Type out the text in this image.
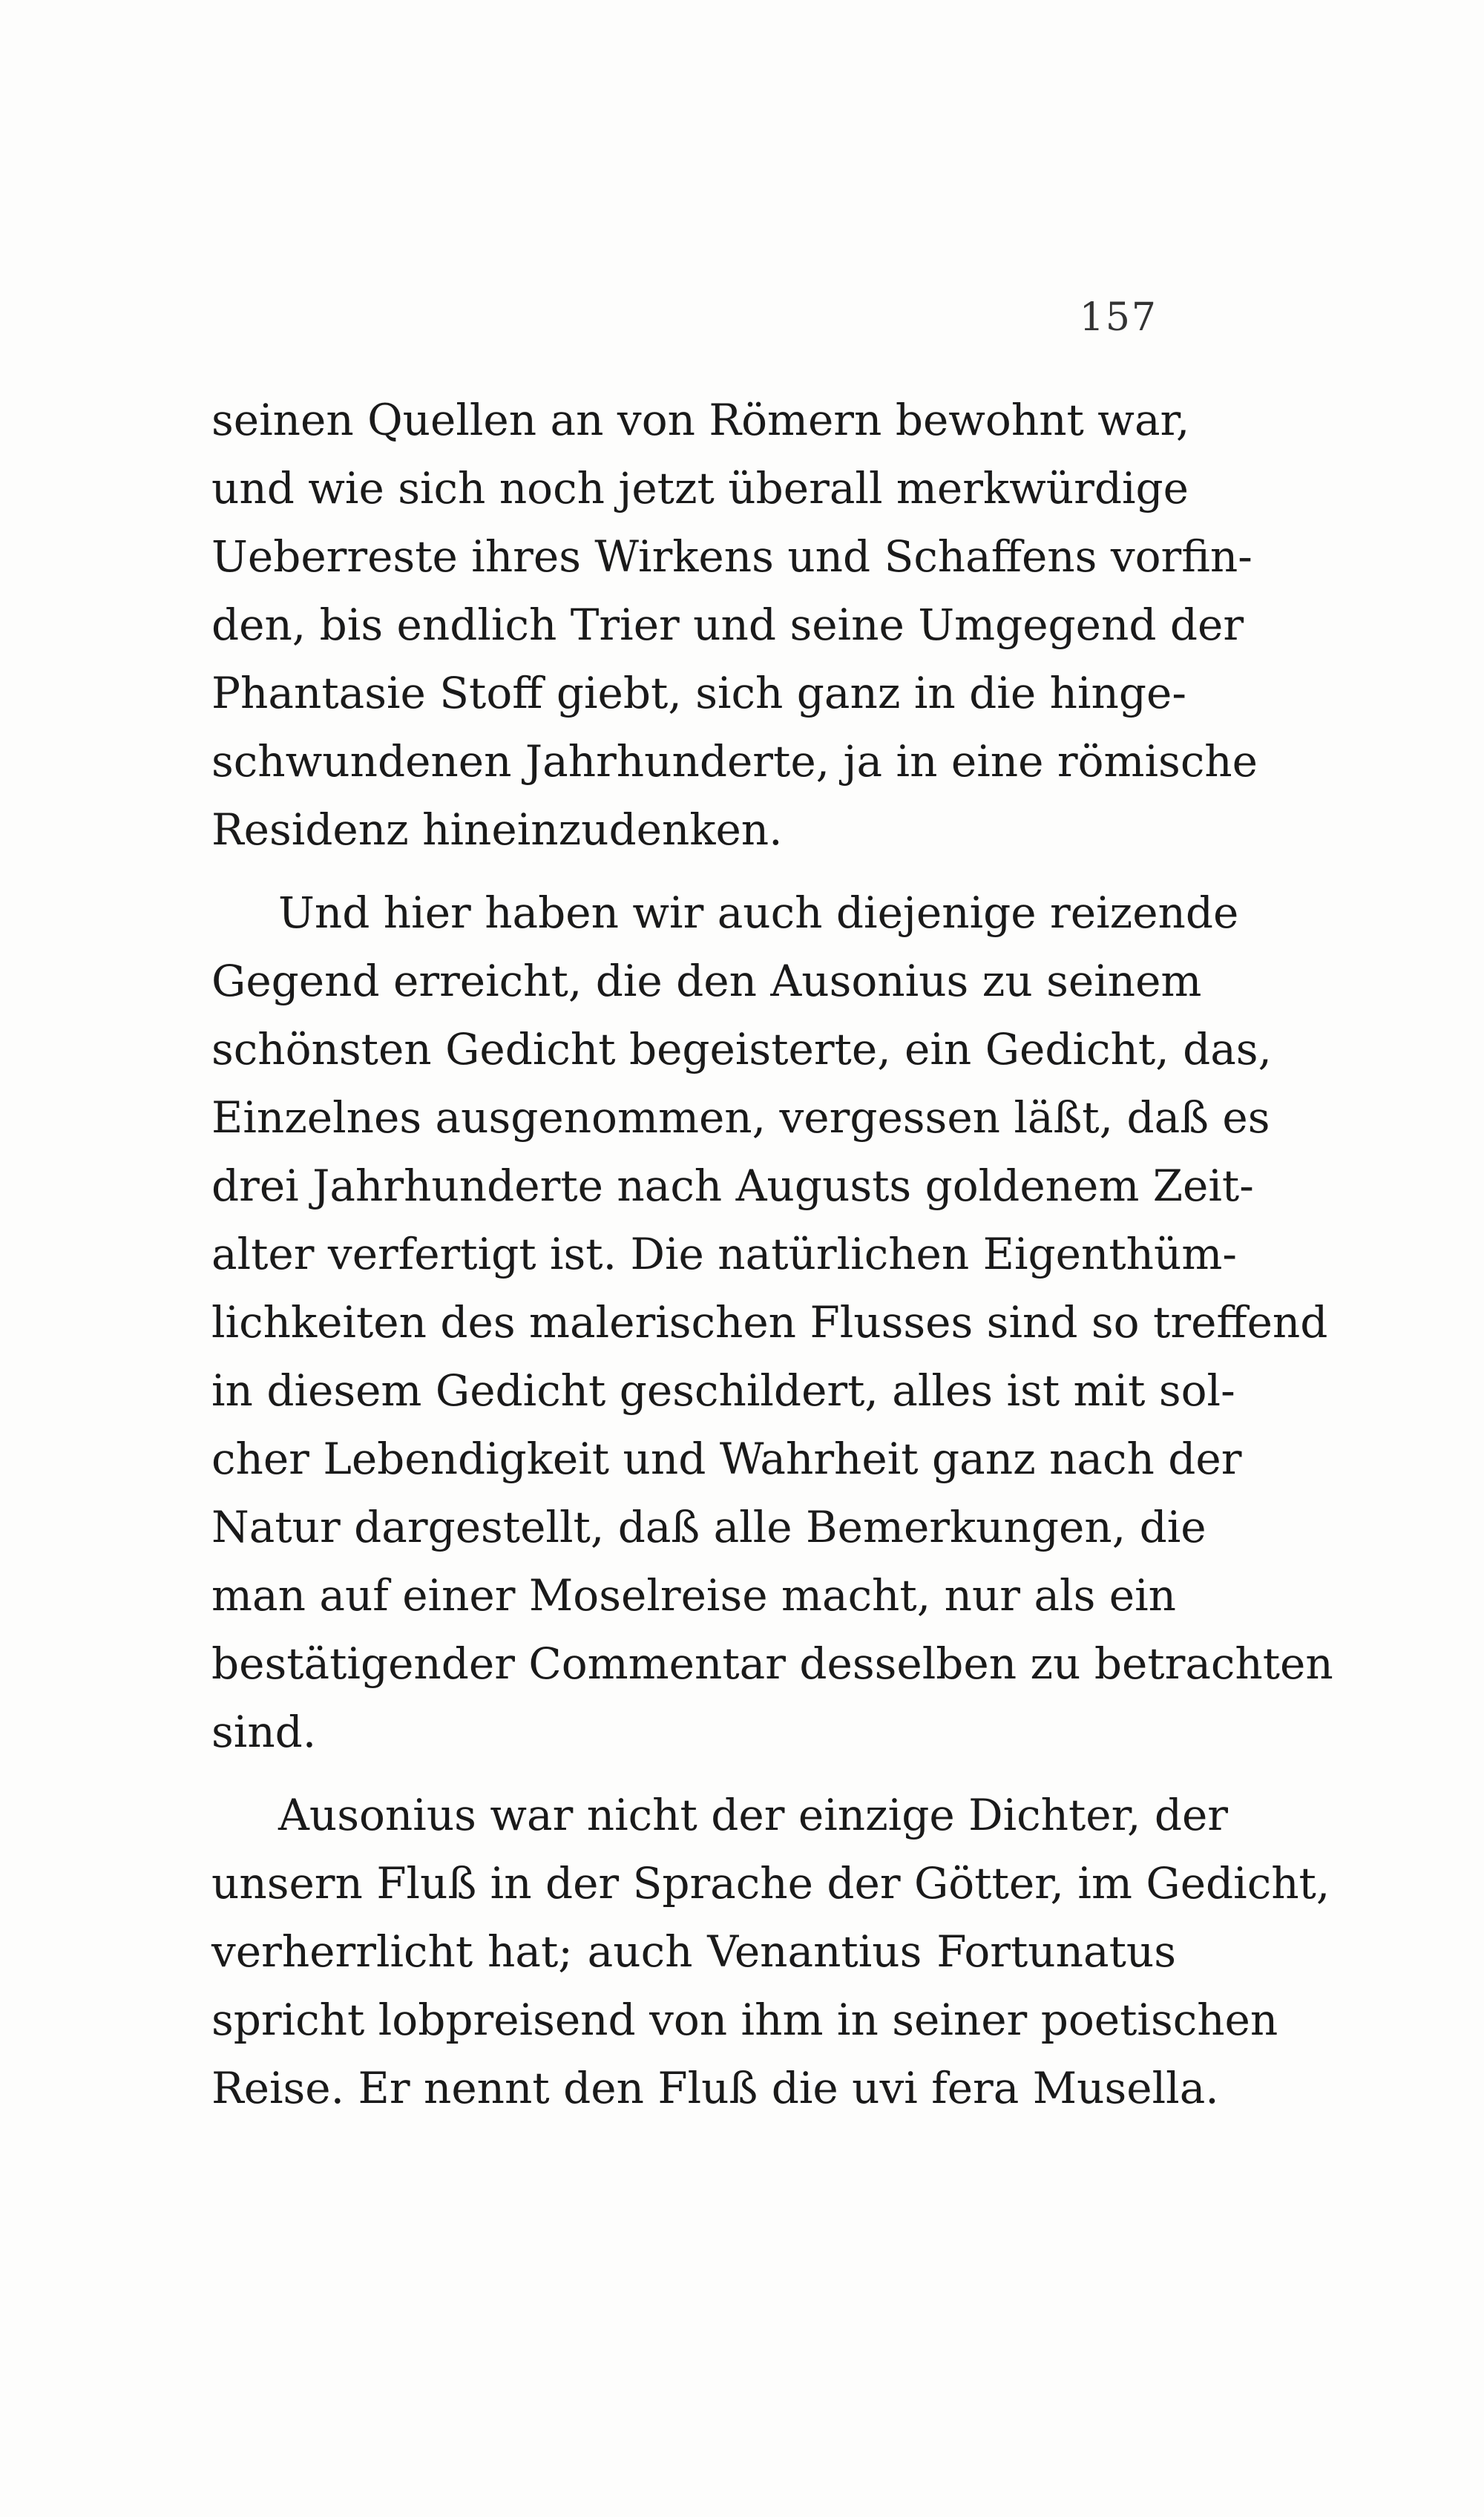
157
seinen Quellen an von Römern bewohnt war,
und wie sich noch jetzt überall merkwürdige
Ueberreste ihres Wirkens und Schaffens vorfin-
den, bis endlich Trier und seine Umgegend der
Phantasie Stoff giebt, sich ganz in die hinge-
schwundenen Jahrhunderte, ja in eine römische
Residenz hineinzudenken.
Und hier haben wir auch diejenige reizende
Gegend erreicht, die den Ausonius zu seinem
schönsten Gedicht begeisterte, ein Gedicht, das,
Einzelnes ausgenommen, vergessen läßt, daß es
drei Jahrhunderte nach Augusts goldenem Zeit-
alter verfertigt ist. Die natürlichen Eigenthüm-
lichkeiten des malerischen Flusses sind so treffend
in diesem Gedicht geschildert, alles ist mit sol-
cher Lebendigkeit und Wahrheit ganz nach der
Natur dargestellt, daß alle Bemerkungen, die
man auf einer Moselreise macht, nur als ein
bestätigender Commentar desselben zu betrachten
sind.
Ausonius war nicht der einzige Dichter, der
unsern Fluß in der Sprache der Götter, im Gedicht,
verherrlicht hat; auch Venantius Fortunatus
spricht lobpreisend von ihm in seiner poetischen
Reise. Er nennt den Fluß die uvi fera Musella.
